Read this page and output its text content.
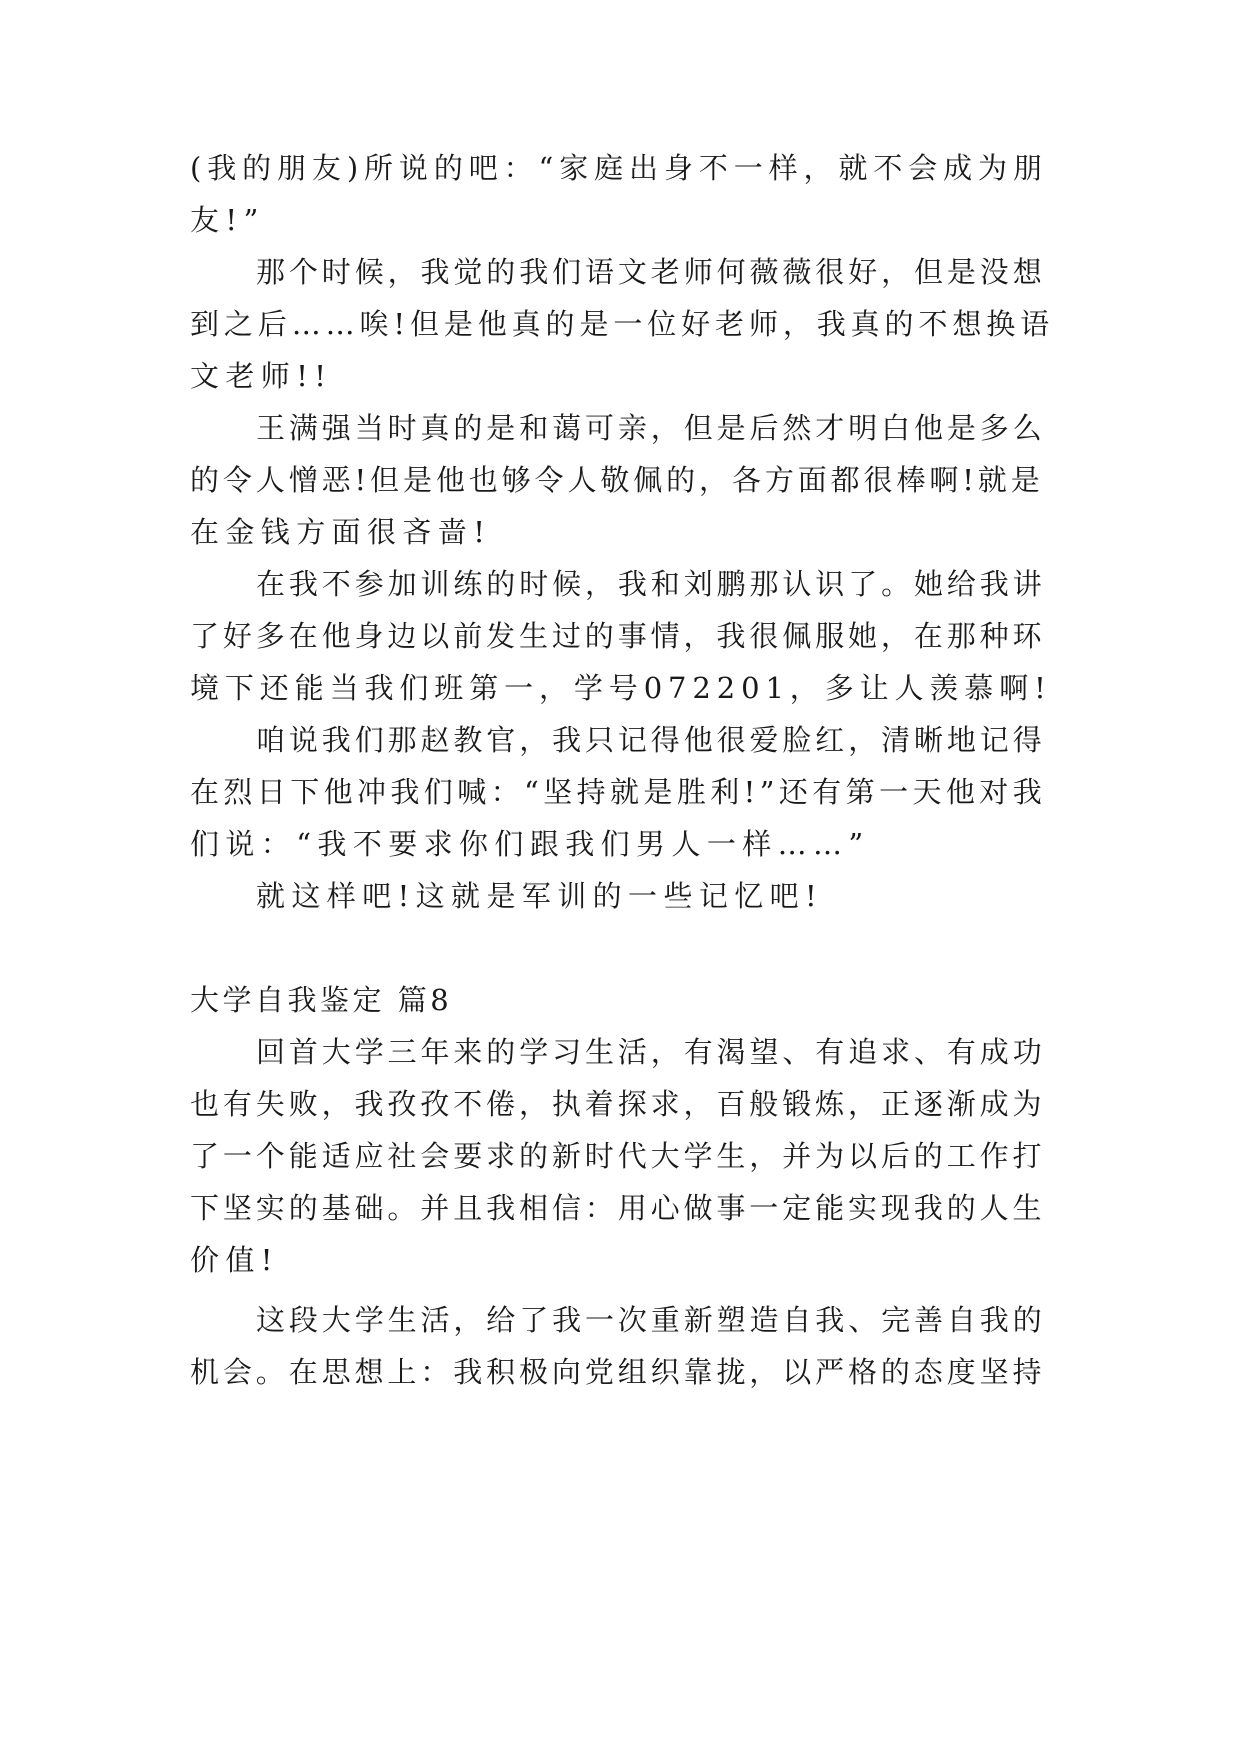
(我的朋友)所说的吧：“家庭出身不一样，就不会成为朋

友!”

那个时候，我觉的我们语文老师何薇薇很好，但是没想

到之后……唉!但是他真的是一位好老师，我真的不想换语

文老师!!

王满强当时真的是和蔼可亲，但是后然才明白他是多么

的令人憎恶!但是他也够令人敬佩的，各方面都很棒啊!就是

在金钱方面很吝啬!

在我不参加训练的时候，我和刘鹏那认识了。她给我讲

了好多在他身边以前发生过的事情，我很佩服她，在那种环

境下还能当我们班第一，学号072201，多让人羡慕啊!

咱说我们那赵教官，我只记得他很爱脸红，清晰地记得

在烈日下他冲我们喊：“坚持就是胜利!”还有第一天他对我

们说：“我不要求你们跟我们男人一样……”

就这样吧!这就是军训的一些记忆吧!

大学自我鉴定 篇8

回首大学三年来的学习生活，有渴望、有追求、有成功

也有失败，我孜孜不倦，执着探求，百般锻炼，正逐渐成为

了一个能适应社会要求的新时代大学生，并为以后的工作打

下坚实的基础。并且我相信：用心做事一定能实现我的人生

价值!

这段大学生活，给了我一次重新塑造自我、完善自我的

机会。在思想上：我积极向党组织靠拢，以严格的态度坚持
